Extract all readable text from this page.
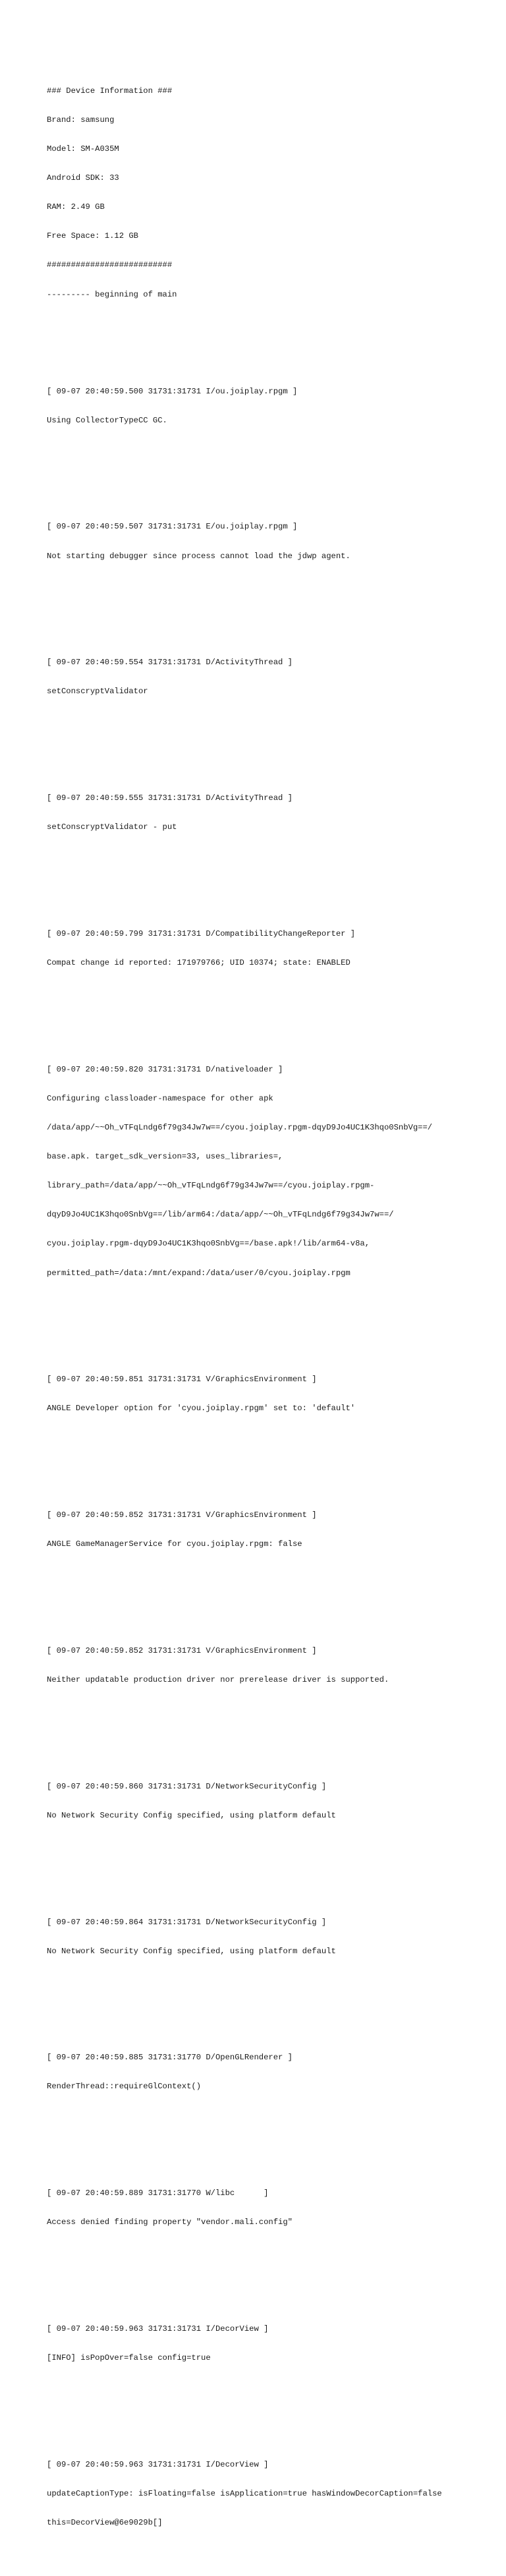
### Device Information ###

Brand: samsung

Model: SM-A035M

Android SDK: 33

RAM: 2.49 GB

Free Space: 1.12 GB

##########################

--------- beginning of main

[ 09-07 20:40:59.500 31731:31731 I/ou.joiplay.rpgm ]

Using CollectorTypeCC GC.

[ 09-07 20:40:59.507 31731:31731 E/ou.joiplay.rpgm ]

Not starting debugger since process cannot load the jdwp agent.

[ 09-07 20:40:59.554 31731:31731 D/ActivityThread ]

setConscryptValidator

[ 09-07 20:40:59.555 31731:31731 D/ActivityThread ]

setConscryptValidator - put

[ 09-07 20:40:59.799 31731:31731 D/CompatibilityChangeReporter ]

Compat change id reported: 171979766; UID 10374; state: ENABLED

[ 09-07 20:40:59.820 31731:31731 D/nativeloader ]

Configuring classloader-namespace for other apk

/data/app/~~Oh_vTFqLndg6f79g34Jw7w==/cyou.joiplay.rpgm-dqyD9Jo4UC1K3hqo0SnbVg==/

base.apk. target_sdk_version=33, uses_libraries=,

library_path=/data/app/~~Oh_vTFqLndg6f79g34Jw7w==/cyou.joiplay.rpgm-

dqyD9Jo4UC1K3hqo0SnbVg==/lib/arm64:/data/app/~~Oh_vTFqLndg6f79g34Jw7w==/

cyou.joiplay.rpgm-dqyD9Jo4UC1K3hqo0SnbVg==/base.apk!/lib/arm64-v8a,

permitted_path=/data:/mnt/expand:/data/user/0/cyou.joiplay.rpgm

[ 09-07 20:40:59.851 31731:31731 V/GraphicsEnvironment ]

ANGLE Developer option for 'cyou.joiplay.rpgm' set to: 'default'

[ 09-07 20:40:59.852 31731:31731 V/GraphicsEnvironment ]

ANGLE GameManagerService for cyou.joiplay.rpgm: false

[ 09-07 20:40:59.852 31731:31731 V/GraphicsEnvironment ]

Neither updatable production driver nor prerelease driver is supported.

[ 09-07 20:40:59.860 31731:31731 D/NetworkSecurityConfig ]

No Network Security Config specified, using platform default

[ 09-07 20:40:59.864 31731:31731 D/NetworkSecurityConfig ]

No Network Security Config specified, using platform default

[ 09-07 20:40:59.885 31731:31770 D/OpenGLRenderer ]

RenderThread::requireGlContext()

[ 09-07 20:40:59.889 31731:31770 W/libc      ]

Access denied finding property "vendor.mali.config"

[ 09-07 20:40:59.963 31731:31731 I/DecorView ]

[INFO] isPopOver=false config=true

[ 09-07 20:40:59.963 31731:31731 I/DecorView ]

updateCaptionType: isFloating=false isApplication=true hasWindowDecorCaption=false

this=DecorView@6e9029b[]
